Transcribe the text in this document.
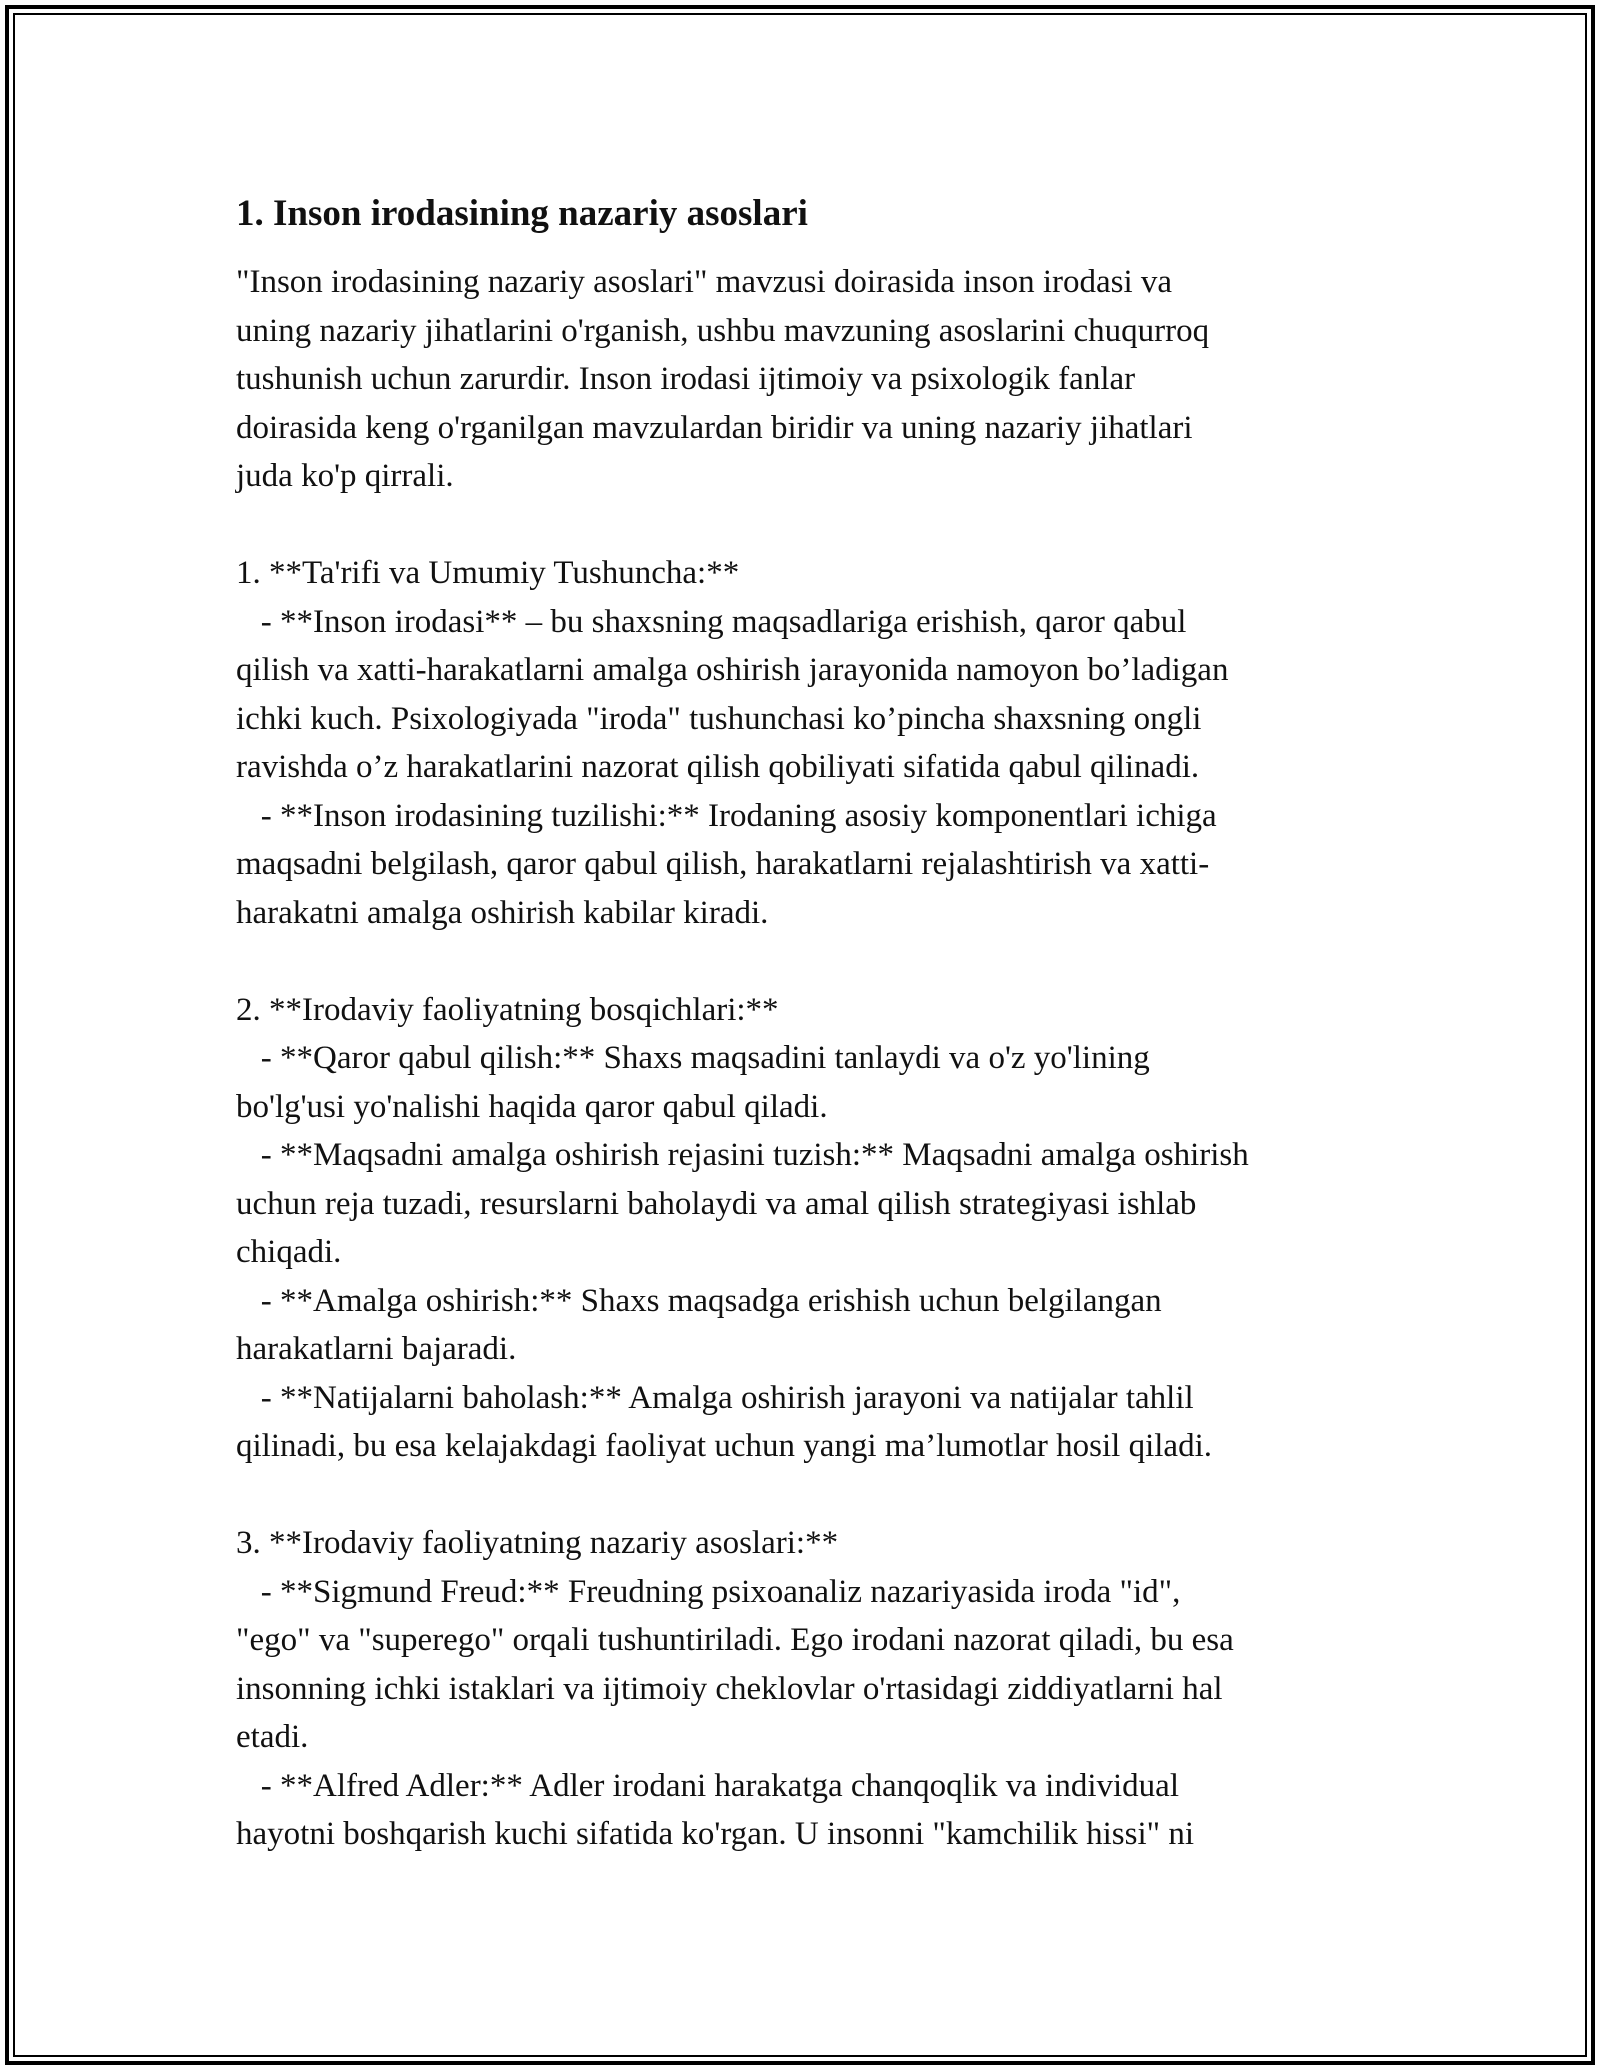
1. Inson irodasining nazariy asoslari

"Inson irodasining nazariy asoslari" mavzusi doirasida inson irodasi va

uning nazariy jihatlarini o'rganish, ushbu mavzuning asoslarini chuqurroq

tushunish uchun zarurdir. Inson irodasi ijtimoiy va psixologik fanlar

doirasida keng o'rganilgan mavzulardan biridir va uning nazariy jihatlari

juda ko'p qirrali.

1. **Ta'rifi va Umumiy Tushuncha:**

- **Inson irodasi** – bu shaxsning maqsadlariga erishish, qaror qabul

qilish va xatti-harakatlarni amalga oshirish jarayonida namoyon bo’ladigan

ichki kuch. Psixologiyada "iroda" tushunchasi ko’pincha shaxsning ongli

ravishda o’z harakatlarini nazorat qilish qobiliyati sifatida qabul qilinadi.

- **Inson irodasining tuzilishi:** Irodaning asosiy komponentlari ichiga

maqsadni belgilash, qaror qabul qilish, harakatlarni rejalashtirish va xatti-

harakatni amalga oshirish kabilar kiradi.

2. **Irodaviy faoliyatning bosqichlari:**

- **Qaror qabul qilish:** Shaxs maqsadini tanlaydi va o'z yo'lining

bo'lg'usi yo'nalishi haqida qaror qabul qiladi.

- **Maqsadni amalga oshirish rejasini tuzish:** Maqsadni amalga oshirish

uchun reja tuzadi, resurslarni baholaydi va amal qilish strategiyasi ishlab

chiqadi.

- **Amalga oshirish:** Shaxs maqsadga erishish uchun belgilangan

harakatlarni bajaradi.

- **Natijalarni baholash:** Amalga oshirish jarayoni va natijalar tahlil

qilinadi, bu esa kelajakdagi faoliyat uchun yangi ma’lumotlar hosil qiladi.

3. **Irodaviy faoliyatning nazariy asoslari:**

- **Sigmund Freud:** Freudning psixoanaliz nazariyasida iroda "id",

"ego" va "superego" orqali tushuntiriladi. Ego irodani nazorat qiladi, bu esa

insonning ichki istaklari va ijtimoiy cheklovlar o'rtasidagi ziddiyatlarni hal

etadi.

- **Alfred Adler:** Adler irodani harakatga chanqoqlik va individual

hayotni boshqarish kuchi sifatida ko'rgan. U insonni "kamchilik hissi" ni
